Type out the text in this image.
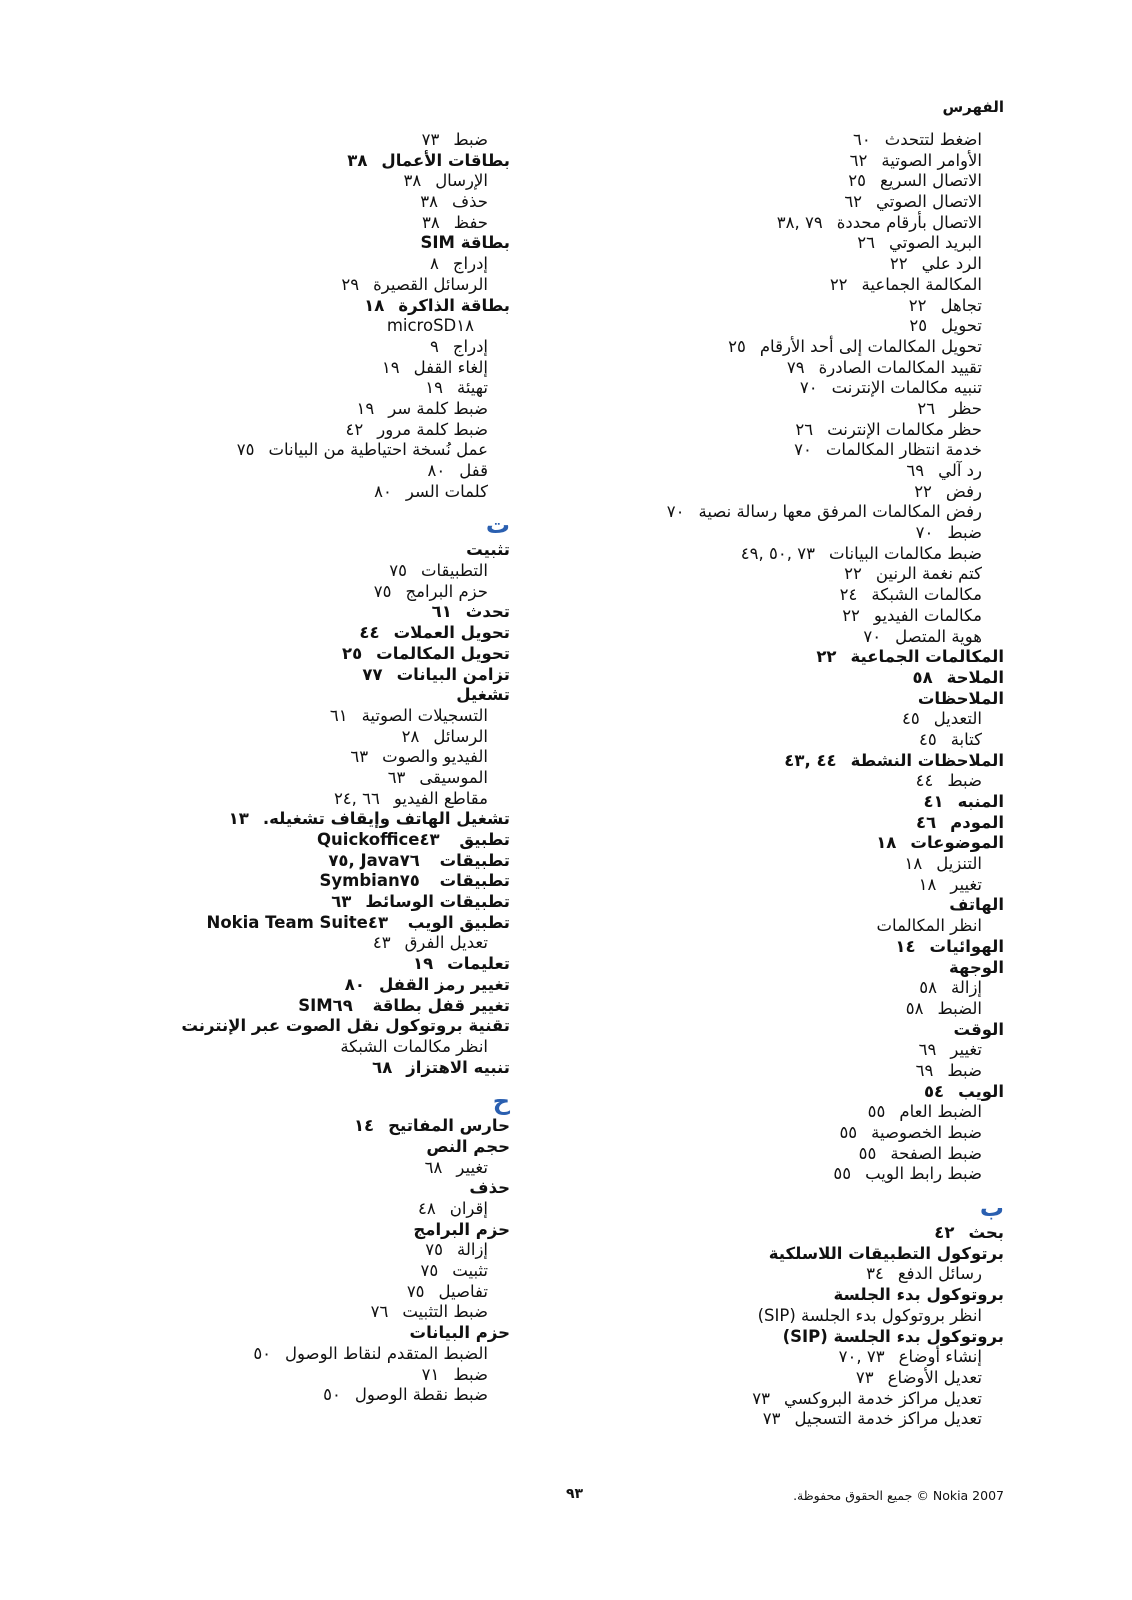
الفهرس
اضغط لتتحدث٦٠
الأوامر الصوتية٦٢
الاتصال السريع٢٥
الاتصال الصوتي٦٢
الاتصال بأرقام محددة٧٩ ,٣٨
البريد الصوتي٢٦
الرد علي٢٢
المكالمة الجماعية٢٢
تجاهل٢٢
تحويل٢٥
تحويل المكالمات إلى أحد الأرقام٢٥
تقييد المكالمات الصادرة٧٩
تنبيه مكالمات الإنترنت٧٠
حظر٢٦
حظر مكالمات الإنترنت٢٦
خدمة انتظار المكالمات٧٠
رد آلي٦٩
رفض٢٢
رفض المكالمات المرفق معها رسالة نصية٧٠
ضبط٧٠
ضبط مكالمات البيانات٧٣ ,٥٠ ,٤٩
كتم نغمة الرنين٢٢
مكالمات الشبكة٢٤
مكالمات الفيديو٢٢
هوية المتصل٧٠
المكالمات الجماعية٢٢
الملاحة٥٨
الملاحظات
التعديل٤٥
كتابة٤٥
الملاحظات النشطة٤٤ ,٤٣
ضبط٤٤
المنبه٤١
المودم٤٦
الموضوعات١٨
التنزيل١٨
تغيير١٨
الهاتف
انظر المكالمات
الهوائيات١٤
الوجهة
إزالة٥٨
الضبط٥٨
الوقت
تغيير٦٩
ضبط٦٩
الويب٥٤
الضبط العام٥٥
ضبط الخصوصية٥٥
ضبط الصفحة٥٥
ضبط رابط الويب٥٥
ب
بحث٤٢
برتوكول التطبيقات اللاسلكية
رسائل الدفع٣٤
بروتوكول بدء الجلسة
انظر بروتوكول بدء الجلسة (SIP)
بروتوكول بدء الجلسة (SIP)
إنشاء أوضاع٧٣ ,٧٠
تعديل الأوضاع٧٣
تعديل مراكز خدمة البروكسي٧٣
تعديل مراكز خدمة التسجيل٧٣
ضبط٧٣
بطاقات الأعمال٣٨
الإرسال٣٨
حذف٣٨
حفظ٣٨
بطاقة SIM
إدراج٨
الرسائل القصيرة٢٩
بطاقة الذاكرة١٨
microSD١٨
إدراج٩
إلغاء القفل١٩
تهيئة١٩
ضبط كلمة سر١٩
ضبط كلمة مرور٤٢
عمل نُسخة احتياطية من البيانات٧٥
قفل٨٠
كلمات السر٨٠
ت
تثبيت
التطبيقات٧٥
حزم البرامج٧٥
تحدث٦١
تحويل العملات٤٤
تحويل المكالمات٢٥
تزامن البيانات٧٧
تشغيل
التسجيلات الصوتية٦١
الرسائل٢٨
الفيديو والصوت٦٣
الموسيقى٦٣
مقاطع الفيديو٦٦ ,٢٤
تشغيل الهاتف وإيقاف تشغيله.١٣
تطبيق Quickoffice٤٣
تطبيقات Java٧٦ ,٧٥
تطبيقات Symbian٧٥
تطبيقات الوسائط٦٣
تطبيق الويب Nokia Team Suite٤٣
تعديل الفرق٤٣
تعليمات١٩
تغيير رمز القفل٨٠
تغيير قفل بطاقة SIM٦٩
تقنية بروتوكول نقل الصوت عبر الإنترنت
انظر مكالمات الشبكة
تنبيه الاهتزاز٦٨
ح
حارس المفاتيح١٤
حجم النص
تغيير٦٨
حذف
إقران٤٨
حزم البرامج
إزالة٧٥
تثبيت٧٥
تفاصيل٧٥
ضبط التثبيت٧٦
حزم البيانات
الضبط المتقدم لنقاط الوصول٥٠
ضبط٧١
ضبط نقطة الوصول٥٠
Nokia 2007 © جميع الحقوق محفوظة.
٩٣
